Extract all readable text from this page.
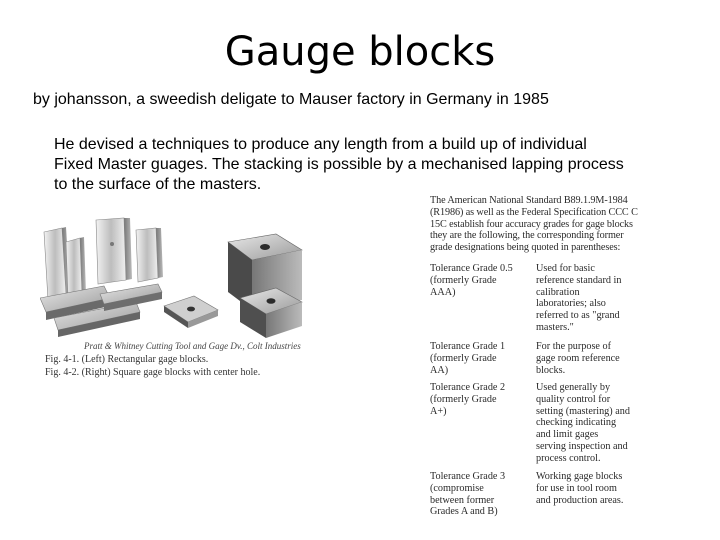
Gauge blocks
by johansson, a sweedish deligate to Mauser factory in Germany in 1985
He devised a techniques to produce any length from a build up of individual
Fixed Master guages. The stacking is possible by a mechanised lapping process
to the surface of the masters.
Pratt & Whitney Cutting Tool and Gage Dv., Colt Industries
Fig. 4-1. (Left) Rectangular gage blocks.
Fig. 4-2. (Right) Square gage blocks with center hole.
The American National Standard B89.1.9M-1984
(R1986) as well as the Federal Specification CCC C
15C establish four accuracy grades for gage blocks
they are the following, the corresponding former
grade designations being quoted in parentheses:
Tolerance Grade 0.5
(formerly Grade
AAA)
Used for basic
reference standard in
calibration
laboratories; also
referred to as "grand
masters."
Tolerance Grade 1
(formerly Grade
AA)
For the purpose of
gage room reference
blocks.
Tolerance Grade 2
(formerly Grade
A+)
Used generally by
quality control for
setting (mastering) and
checking indicating
and limit gages
serving inspection and
process control.
Tolerance Grade 3
(compromise
between former
Grades A and B)
Working gage blocks
for use in tool room
and production areas.
